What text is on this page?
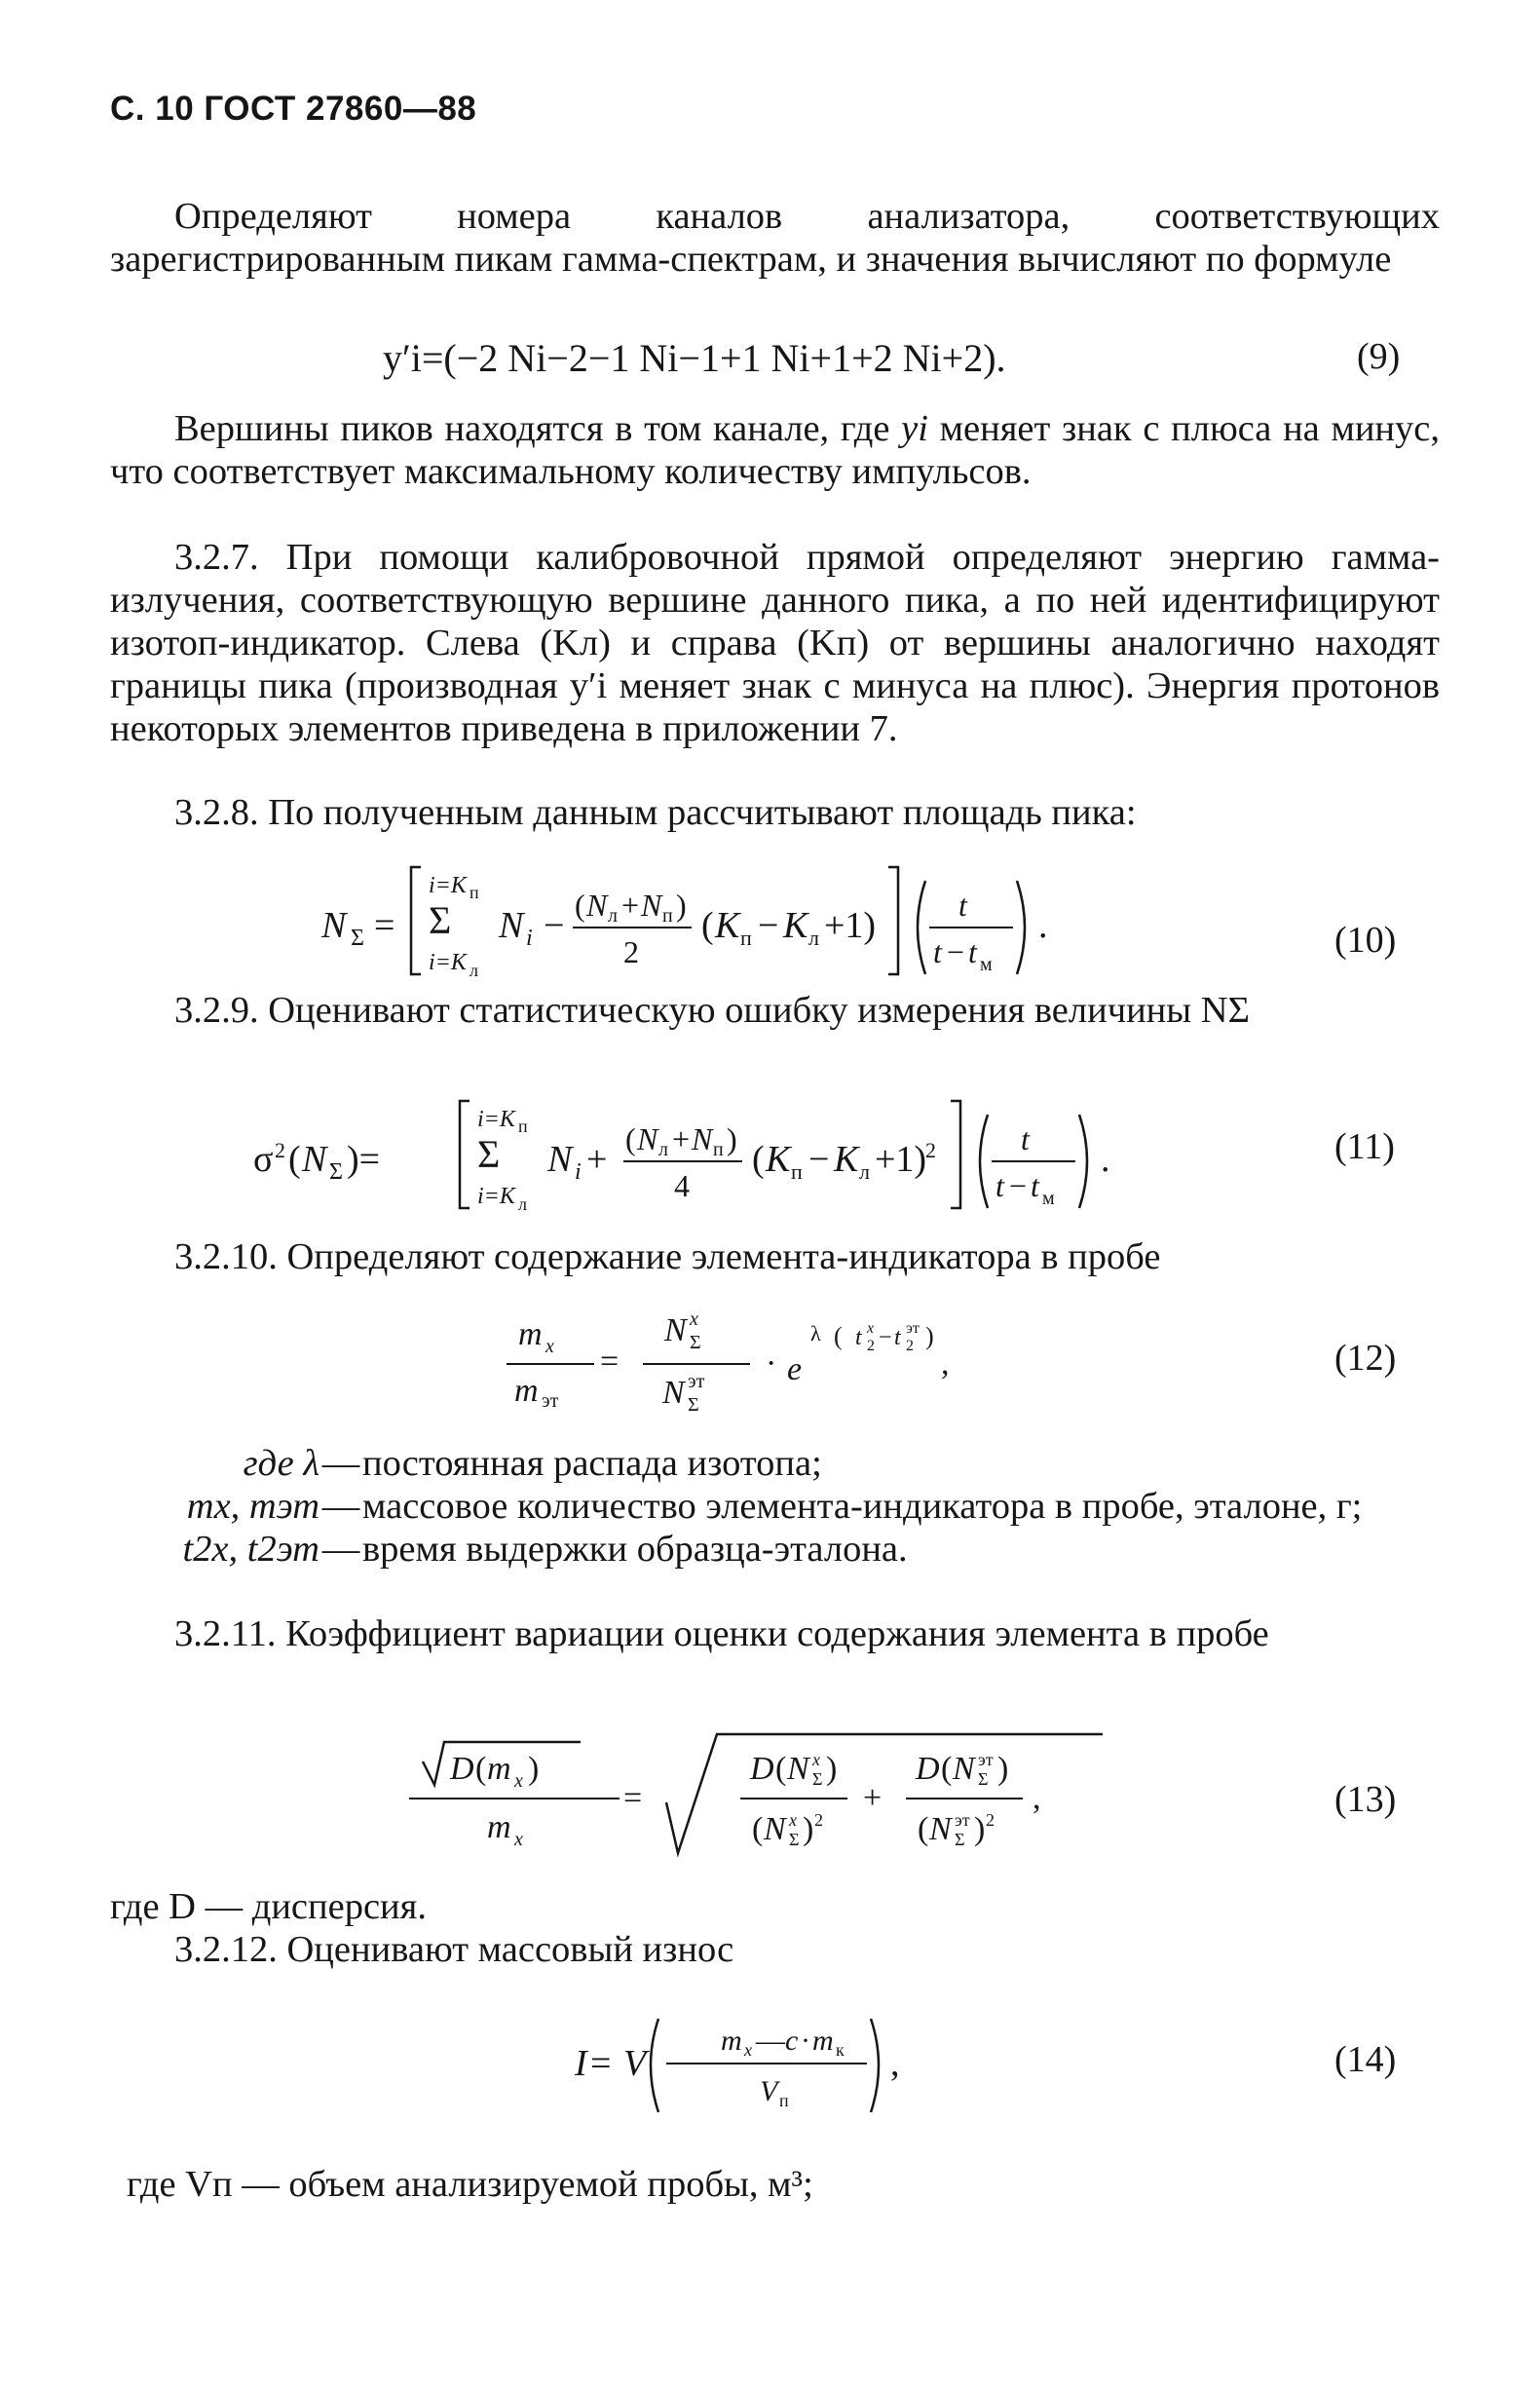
С. 10 ГОСТ 27860—88

Определяют номера каналов анализатора, соответствующих зарегистрированным пикам гамма-спектрам, и значения вычисляют по формуле

y′i=(−2 Ni−2−1 Ni−1+1 Ni+1+2 Ni+2).	(9)

Вершины пиков находятся в том канале, где yi меняет знак с плюса на минус, что соответствует максимальному количеству импульсов.

3.2.7. При помощи калибровочной прямой определяют энергию гамма-излучения, соответствующую вершине данного пика, а по ней идентифицируют изотоп-индикатор. Слева (Kл) и справа (Kп) от вершины аналогично находят границы пика (производная y′i меняет знак с минуса на плюс). Энергия протонов некоторых элементов приведена в приложении 7.

3.2.8. По полученным данным рассчитывают площадь пика:

N Σ =
i=K п
Σ
i=K л
N i − ( N л + N п )
2
( K п − K л +1)	t
t − t м
.	(10)

3.2.9. Оценивают статистическую ошибку измерения величины NΣ

σ 2 ( N Σ )=
i=K п
Σ
i=K л
N i + ( N л + N п )
4
( K п − K л +1)
2	t
t − t м
.	(11)

3.2.10. Определяют содержание элемента-индикатора в пробе

m x
m эт
=
N x
Σ
N эт
Σ
· e
λ ( t x
2 − t эт
2 )
,	(12)
где λ — постоянная распада изотопа;
mx, mэт — массовое количество элемента-индикатора в пробе, эталоне, г;
t2x, t2эт — время выдержки образца-эталона.

3.2.11. Коэффициент вариации оценки содержания элемента в пробе

D ( m x )
m x
=
D ( N x
Σ )
( N x
Σ ) 2
+
D ( N эт
Σ )
( N эт
Σ ) 2
,	(13)

где D — дисперсия.

3.2.12. Оценивают массовый износ

I = V
m x — c · m к
V п
,	(14)

где Vп — объем анализируемой пробы, м³;
